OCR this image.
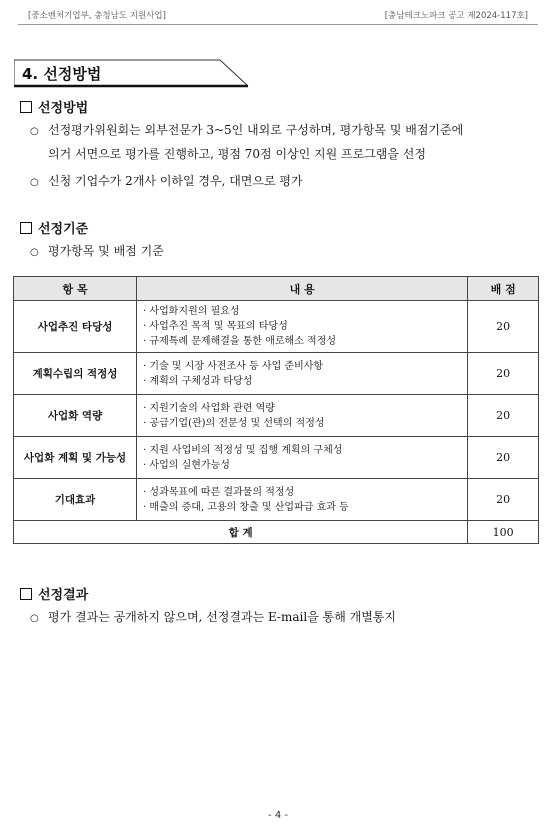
[중소벤처기업부, 충청남도 지원사업]	[충남테크노파크 공고 제2024-117호]
4. 선정방법
선정방법
○ 선정평가위원회는 외부전문가 3~5인 내외로 구성하며, 평가항목 및 배점기준에
의거 서면으로 평가를 진행하고, 평점 70점 이상인 지원 프로그램을 선정
○ 신청 기업수가 2개사 이하일 경우, 대면으로 평가
선정기준
○ 평가항목 및 배점 기준
항 목	내 용	배 점
사업추진 타당성	· 사업화지원의 필요성
· 사업추진 목적 및 목표의 타당성
· 규제특례 문제해결을 통한 애로해소 적정성	20
계획수립의 적정성	· 기술 및 시장 사전조사 등 사업 준비사항
· 계획의 구체성과 타당성	20
사업화 역량	· 지원기술의 사업화 관련 역량
· 공급기업(관)의 전문성 및 선택의 적정성	20
사업화 계획 및 가능성	· 지원 사업비의 적정성 및 집행 계획의 구체성
· 사업의 실현가능성	20
기대효과	· 성과목표에 따른 결과물의 적정성
· 매출의 증대, 고용의 창출 및 산업파급 효과 등	20
합 계		100
선정결과
○ 평가 결과는 공개하지 않으며, 선정결과는 E-mail을 통해 개별통지
- 4 -
